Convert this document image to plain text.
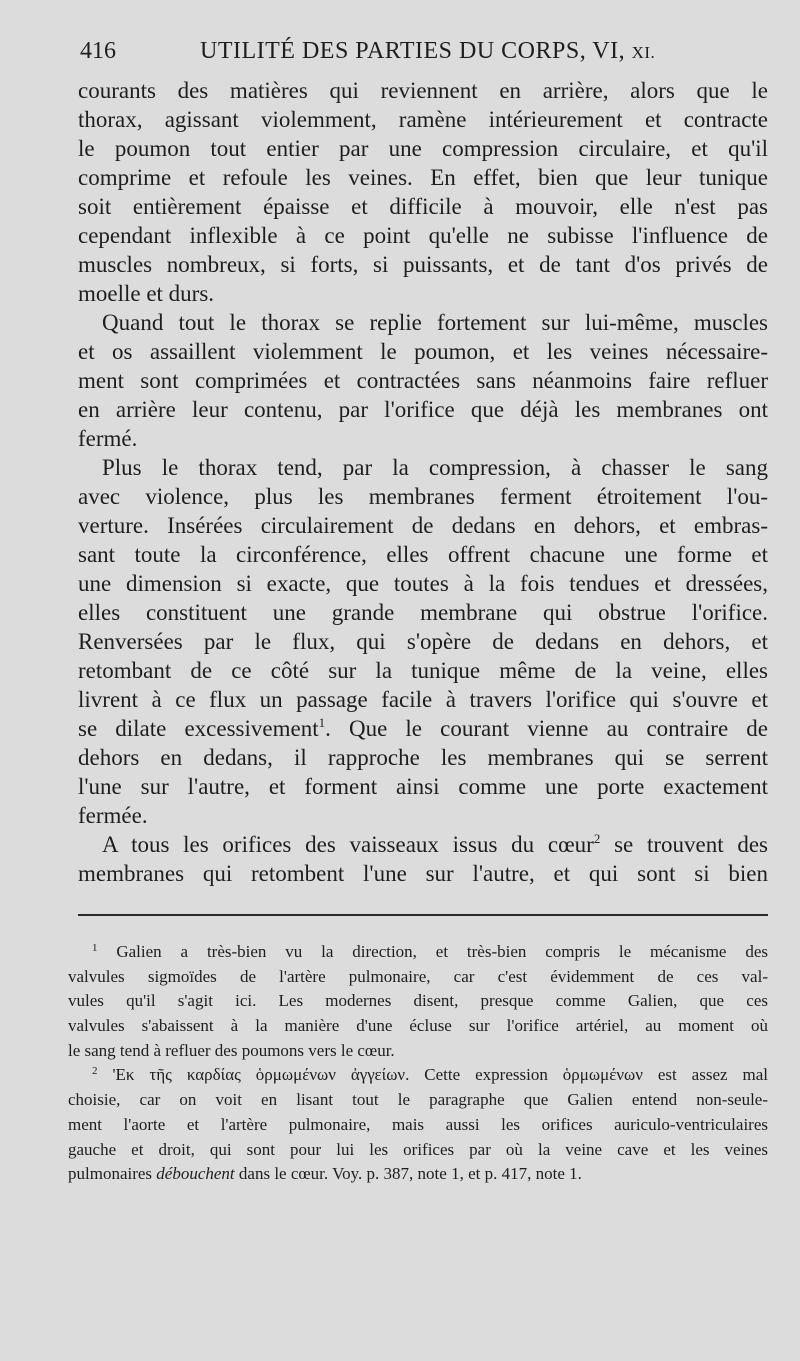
416	UTILITÉ DES PARTIES DU CORPS, VI, XI.
courants des matières qui reviennent en arrière, alors que le
thorax, agissant violemment, ramène intérieurement et contracte
le poumon tout entier par une compression circulaire, et qu'il
comprime et refoule les veines. En effet, bien que leur tunique
soit entièrement épaisse et difficile à mouvoir, elle n'est pas
cependant inflexible à ce point qu'elle ne subisse l'influence de
muscles nombreux, si forts, si puissants, et de tant d'os privés de
moelle et durs.
Quand tout le thorax se replie fortement sur lui-même, muscles
et os assaillent violemment le poumon, et les veines nécessaire-
ment sont comprimées et contractées sans néanmoins faire refluer
en arrière leur contenu, par l'orifice que déjà les membranes ont
fermé.
Plus le thorax tend, par la compression, à chasser le sang
avec violence, plus les membranes ferment étroitement l'ou-
verture. Insérées circulairement de dedans en dehors, et embras-
sant toute la circonférence, elles offrent chacune une forme et
une dimension si exacte, que toutes à la fois tendues et dressées,
elles constituent une grande membrane qui obstrue l'orifice.
Renversées par le flux, qui s'opère de dedans en dehors, et
retombant de ce côté sur la tunique même de la veine, elles
livrent à ce flux un passage facile à travers l'orifice qui s'ouvre et
se dilate excessivement$^1$. Que le courant vienne au contraire de
dehors en dedans, il rapproche les membranes qui se serrent
l'une sur l'autre, et forment ainsi comme une porte exactement
fermée.
A tous les orifices des vaisseaux issus du cœur$^2$ se trouvent des
membranes qui retombent l'une sur l'autre, et qui sont si bien
$^1$ Galien a très-bien vu la direction, et très-bien compris le mécanisme des
valvules sigmoïdes de l'artère pulmonaire, car c'est évidemment de ces val-
vules qu'il s'agit ici. Les modernes disent, presque comme Galien, que ces
valvules s'abaissent à la manière d'une écluse sur l'orifice artériel, au moment où
le sang tend à refluer des poumons vers le cœur.
$^2$ 'Εκ τῆς καρδίας ὁρμωμένων ἀγγείων. Cette expression ὁρμωμένων est assez mal
choisie, car on voit en lisant tout le paragraphe que Galien entend non-seule-
ment l'aorte et l'artère pulmonaire, mais aussi les orifices auriculo-ventriculaires
gauche et droit, qui sont pour lui les orifices par où la veine cave et les veines
pulmonaires débouchent dans le cœur. Voy. p. 387, note 1, et p. 417, note 1.
